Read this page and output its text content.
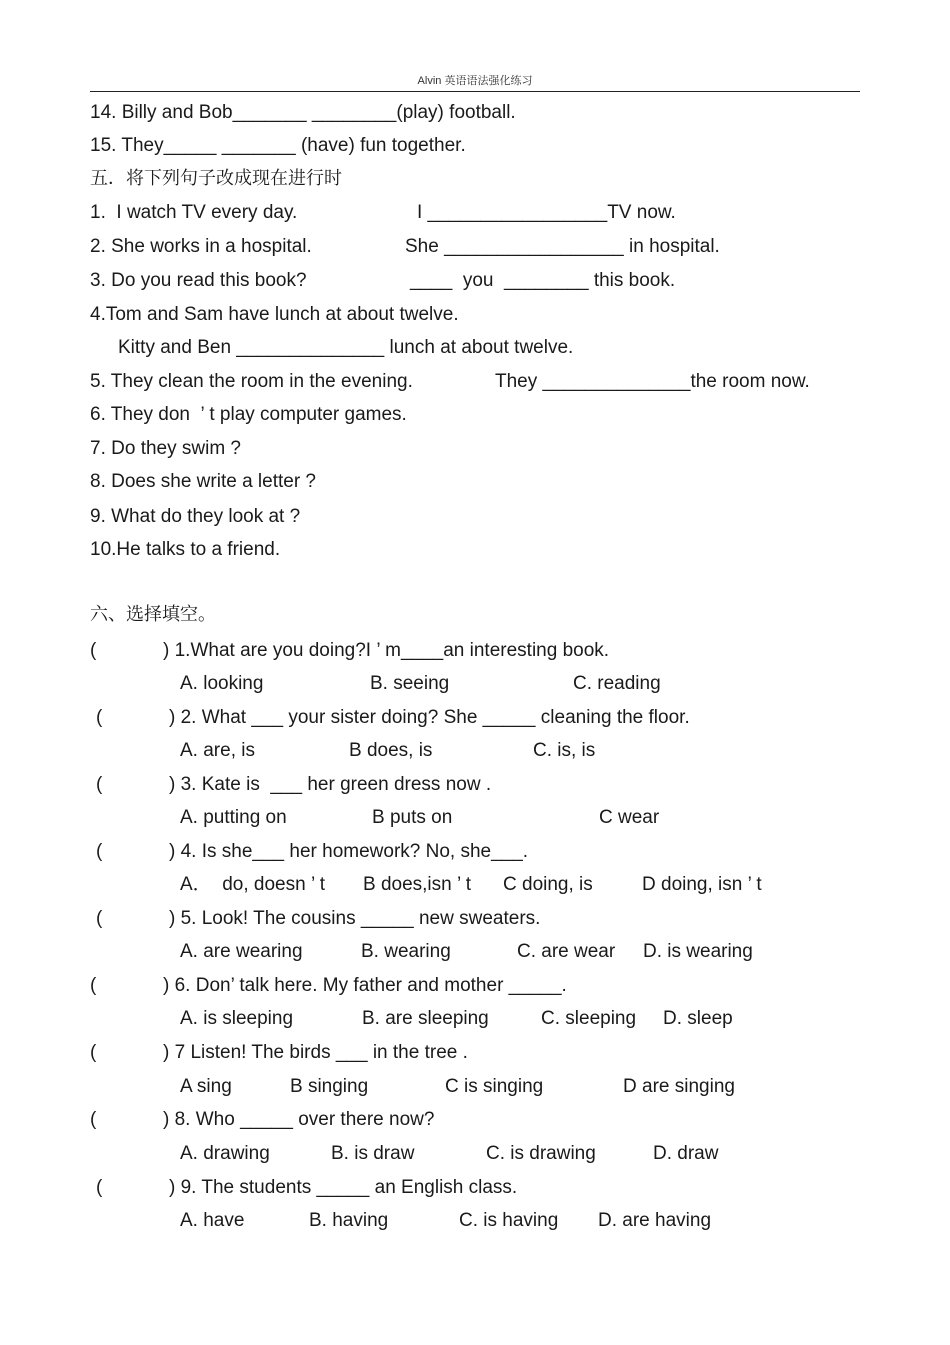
Alvin 英语语法强化练习
14. Billy and Bob_______ ________(play) football.
15. They_____ _______ (have) fun together.
五．将下列句子改成现在进行时
1.  I watch TV every day.	I _________________TV now.
2. She works in a hospital.	She _________________ in hospital.
3. Do you read this book?	____  you  ________ this book.
4.Tom and Sam have lunch at about twelve.
Kitty and Ben ______________ lunch at about twelve.
5. They clean the room in the evening.	They ______________the room now.
6. They don  ’ t play computer games.
7. Do they swim ?
8. Does she write a letter ?
9. What do they look at ?
10.He talks to a friend.
六、选择填空。
(	) 1.What are you doing?I ’ m____an interesting book.
A. looking	B. seeing	C. reading
(	) 2. What ___ your sister doing? She _____ cleaning the floor.
A. are, is	B does, is	C. is, is
(	) 3. Kate is  ___ her green dress now .
A. putting on	B puts on	C wear
(	) 4. Is she___ her homework? No, she___.
A．  do, doesn ’ t B does,isn ’ t C doing, is	D doing, isn ’ t
(	) 5. Look! The cousins _____ new sweaters.
A. are wearing	B. wearing	C. are wear D. is wearing
(	) 6. Don’ talk here. My father and mother _____.
A. is sleeping	B. are sleeping	C. sleeping D. sleep
(	) 7 Listen! The birds ___ in the tree .
A sing	B singing	C is singing	D are singing
(	) 8. Who _____ over there now?
A. drawing	B. is draw	C. is drawing	D. draw
(	) 9. The students _____ an English class.
A. have	B. having	C. is having D. are having
